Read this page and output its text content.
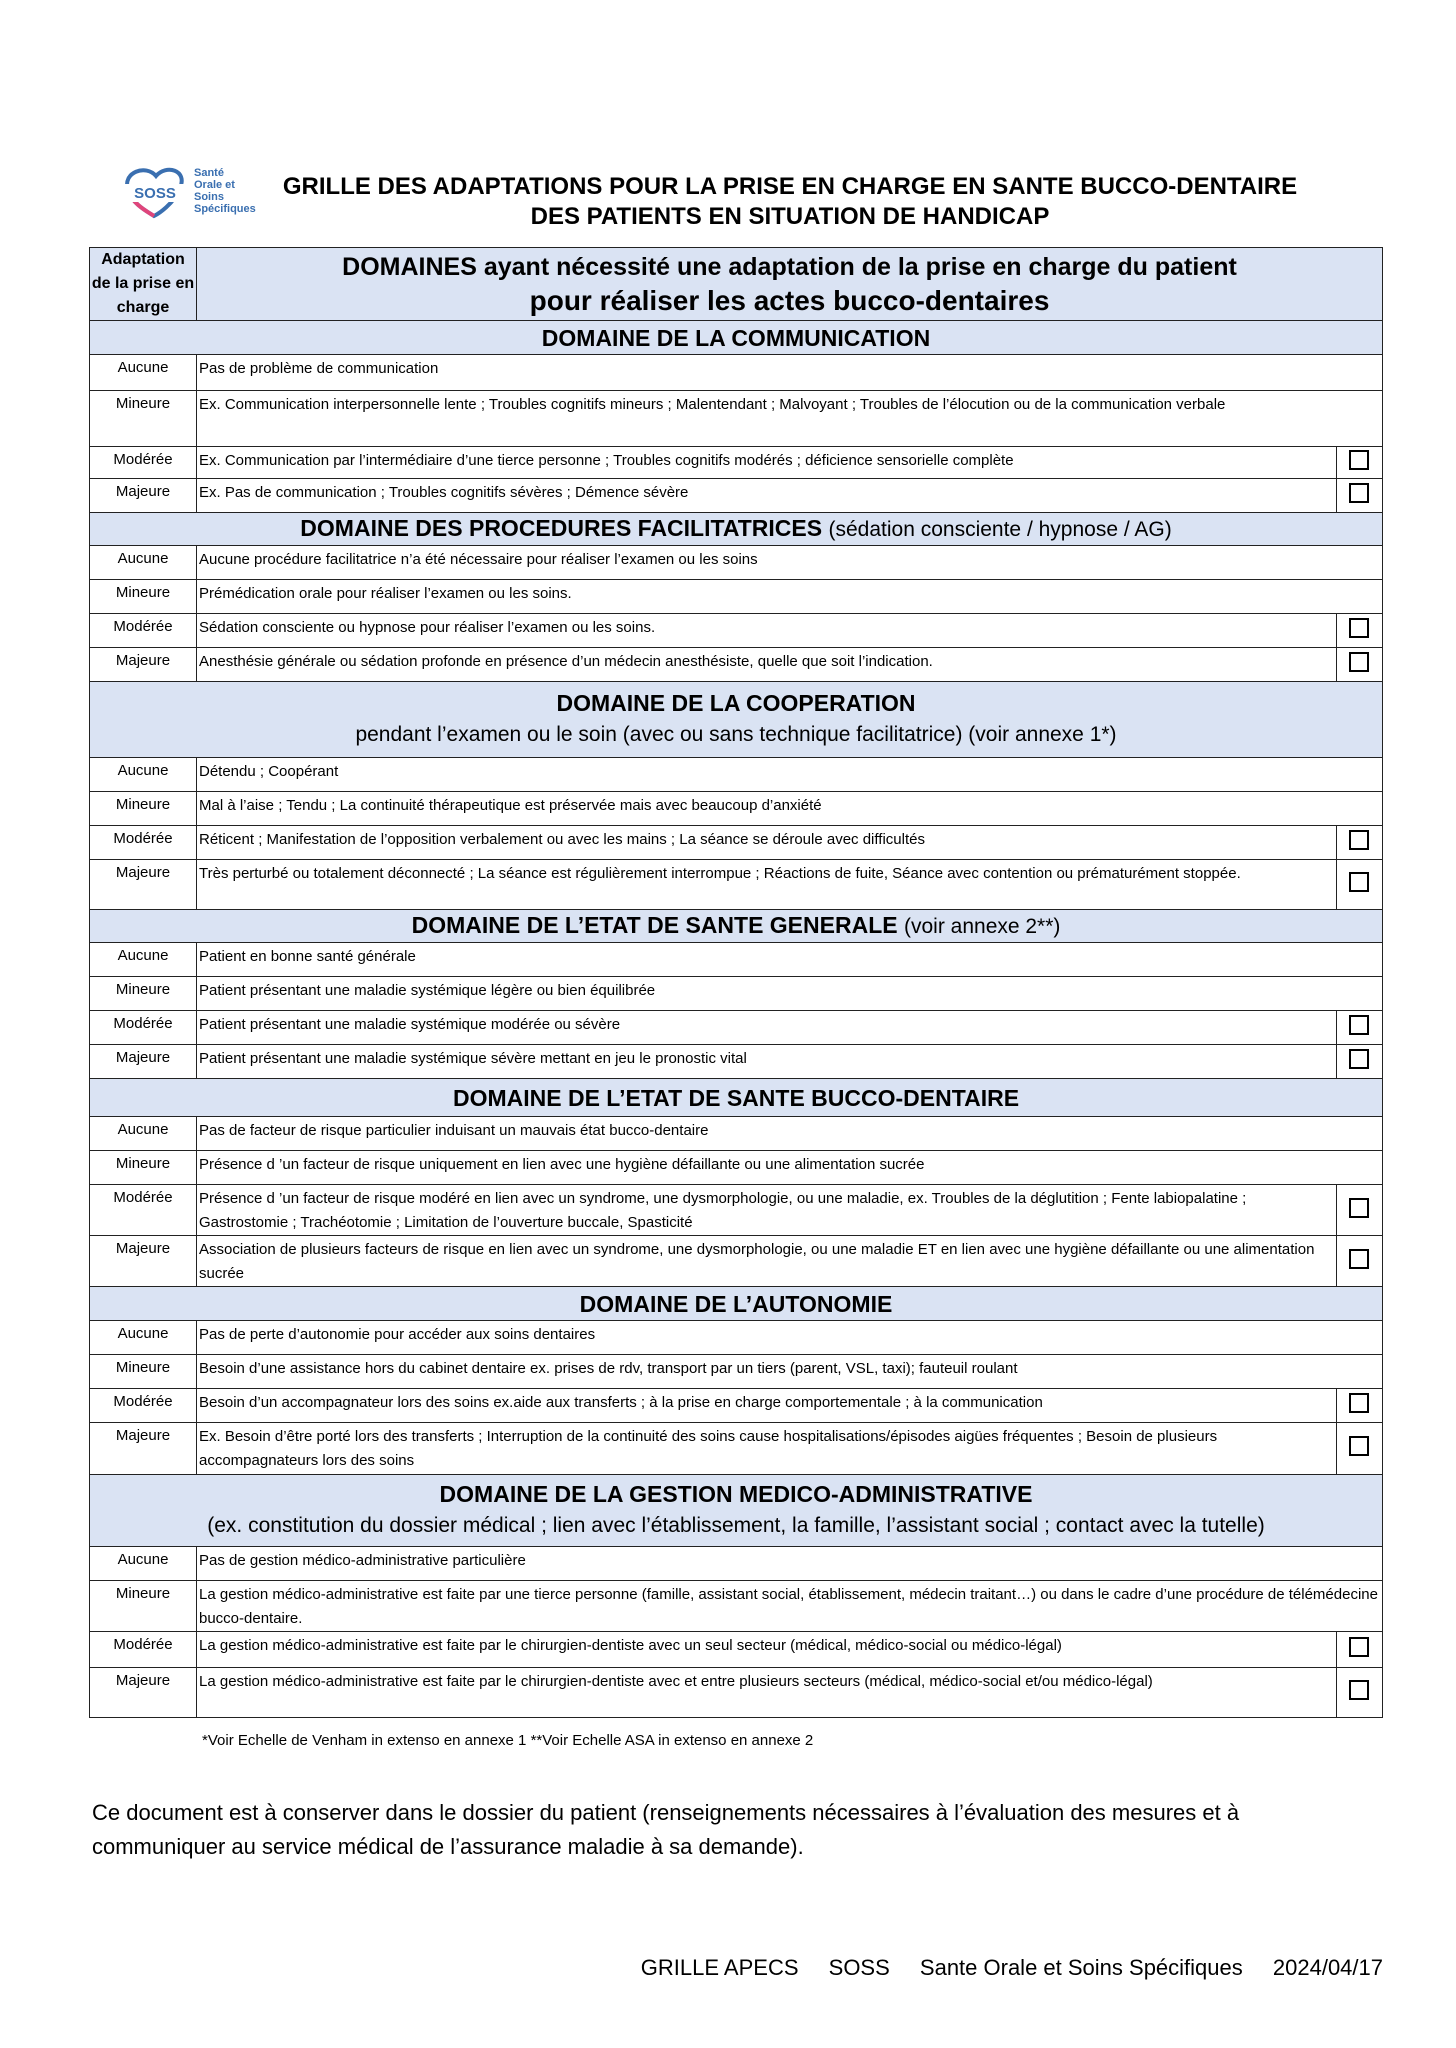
SOSS
Santé
Orale et
Soins
Spécifiques
GRILLE DES ADAPTATIONS POUR LA PRISE EN CHARGE EN SANTE BUCCO-DENTAIRE
DES PATIENTS EN SITUATION DE HANDICAP
Adaptation de la prise en charge	DOMAINES ayant nécessité une adaptation de la prise en charge du patient
pour réaliser les actes bucco-dentaires	

DOMAINE DE LA COMMUNICATION		
Aucune	Pas de problème de communication	
Mineure	Ex. Communication interpersonnelle lente ; Troubles cognitifs mineurs ; Malentendant ; Malvoyant ; Troubles de l’élocution ou de la communication verbale	
Modérée	Ex. Communication par l’intermédiaire d’une tierce personne ; Troubles cognitifs modérés ; déficience sensorielle complète	
Majeure	Ex. Pas de communication ; Troubles cognitifs sévères ; Démence sévère	
DOMAINE DES PROCEDURES FACILITATRICES (sédation consciente / hypnose / AG)		
Aucune	Aucune procédure facilitatrice n’a été nécessaire pour réaliser l’examen ou les soins	
Mineure	Prémédication orale pour réaliser l’examen ou les soins.	
Modérée	Sédation consciente ou hypnose pour réaliser l’examen ou les soins.	
Majeure	Anesthésie générale ou sédation profonde en présence d’un médecin anesthésiste, quelle que soit l’indication.	
DOMAINE DE LA COOPERATION
pendant l’examen ou le soin (avec ou sans technique facilitatrice) (voir annexe 1*)		

Aucune	Détendu ; Coopérant	
Mineure	Mal à l’aise ; Tendu ; La continuité thérapeutique est préservée mais avec beaucoup d’anxiété	
Modérée	Réticent ; Manifestation de l’opposition verbalement ou avec les mains ; La séance se déroule avec difficultés	
Majeure	Très perturbé ou totalement déconnecté ; La séance est régulièrement interrompue ; Réactions de fuite, Séance avec contention ou prématurément stoppée.	
DOMAINE DE L’ETAT DE SANTE GENERALE (voir annexe 2**)		
Aucune	Patient en bonne santé générale	
Mineure	Patient présentant une maladie systémique légère ou bien équilibrée	
Modérée	Patient présentant une maladie systémique modérée ou sévère	
Majeure	Patient présentant une maladie systémique sévère mettant en jeu le pronostic vital	
DOMAINE DE L’ETAT DE SANTE BUCCO-DENTAIRE		
Aucune	Pas de facteur de risque particulier induisant un mauvais état bucco-dentaire	
Mineure	Présence d ’un facteur de risque uniquement en lien avec une hygiène défaillante ou une alimentation sucrée	
Modérée	Présence d ’un facteur de risque modéré en lien avec un syndrome, une dysmorphologie, ou une maladie, ex. Troubles de la déglutition ; Fente labiopalatine ; Gastrostomie ; Trachéotomie ; Limitation de l’ouverture buccale, Spasticité	
Majeure	Association de plusieurs facteurs de risque en lien avec un syndrome, une dysmorphologie, ou une maladie ET en lien avec une hygiène défaillante ou une alimentation sucrée	
DOMAINE DE L’AUTONOMIE		
Aucune	Pas de perte d’autonomie pour accéder aux soins dentaires	
Mineure	Besoin d’une assistance hors du cabinet dentaire ex. prises de rdv, transport par un tiers (parent, VSL, taxi); fauteuil roulant	
Modérée	Besoin d’un accompagnateur lors des soins ex.aide aux transferts ; à la prise en charge comportementale ; à la communication	
Majeure	Ex. Besoin d’être porté lors des transferts ; Interruption de la continuité des soins cause hospitalisations/épisodes aigües fréquentes ; Besoin de plusieurs accompagnateurs lors des soins	
DOMAINE DE LA GESTION MEDICO-ADMINISTRATIVE
(ex. constitution du dossier médical ; lien avec l’établissement, la famille, l’assistant social ; contact avec la tutelle)		

Aucune	Pas de gestion médico-administrative particulière	
Mineure	La gestion médico-administrative est faite par une tierce personne (famille, assistant social, établissement, médecin traitant…) ou dans le cadre d’une procédure de télémédecine bucco-dentaire.	
Modérée	La gestion médico-administrative est faite par le chirurgien-dentiste avec un seul secteur (médical, médico-social ou médico-légal)	
Majeure	La gestion médico-administrative est faite par le chirurgien-dentiste avec et entre plusieurs secteurs (médical, médico-social et/ou médico-légal)	
*Voir Echelle de Venham in extenso en annexe 1 **Voir Echelle ASA in extenso en annexe 2
Ce document est à conserver dans le dossier du patient (renseignements nécessaires à l’évaluation des mesures et à communiquer au service médical de l’assurance maladie à sa demande).
GRILLE APECS SOSS Sante Orale et Soins Spécifiques 2024/04/17
